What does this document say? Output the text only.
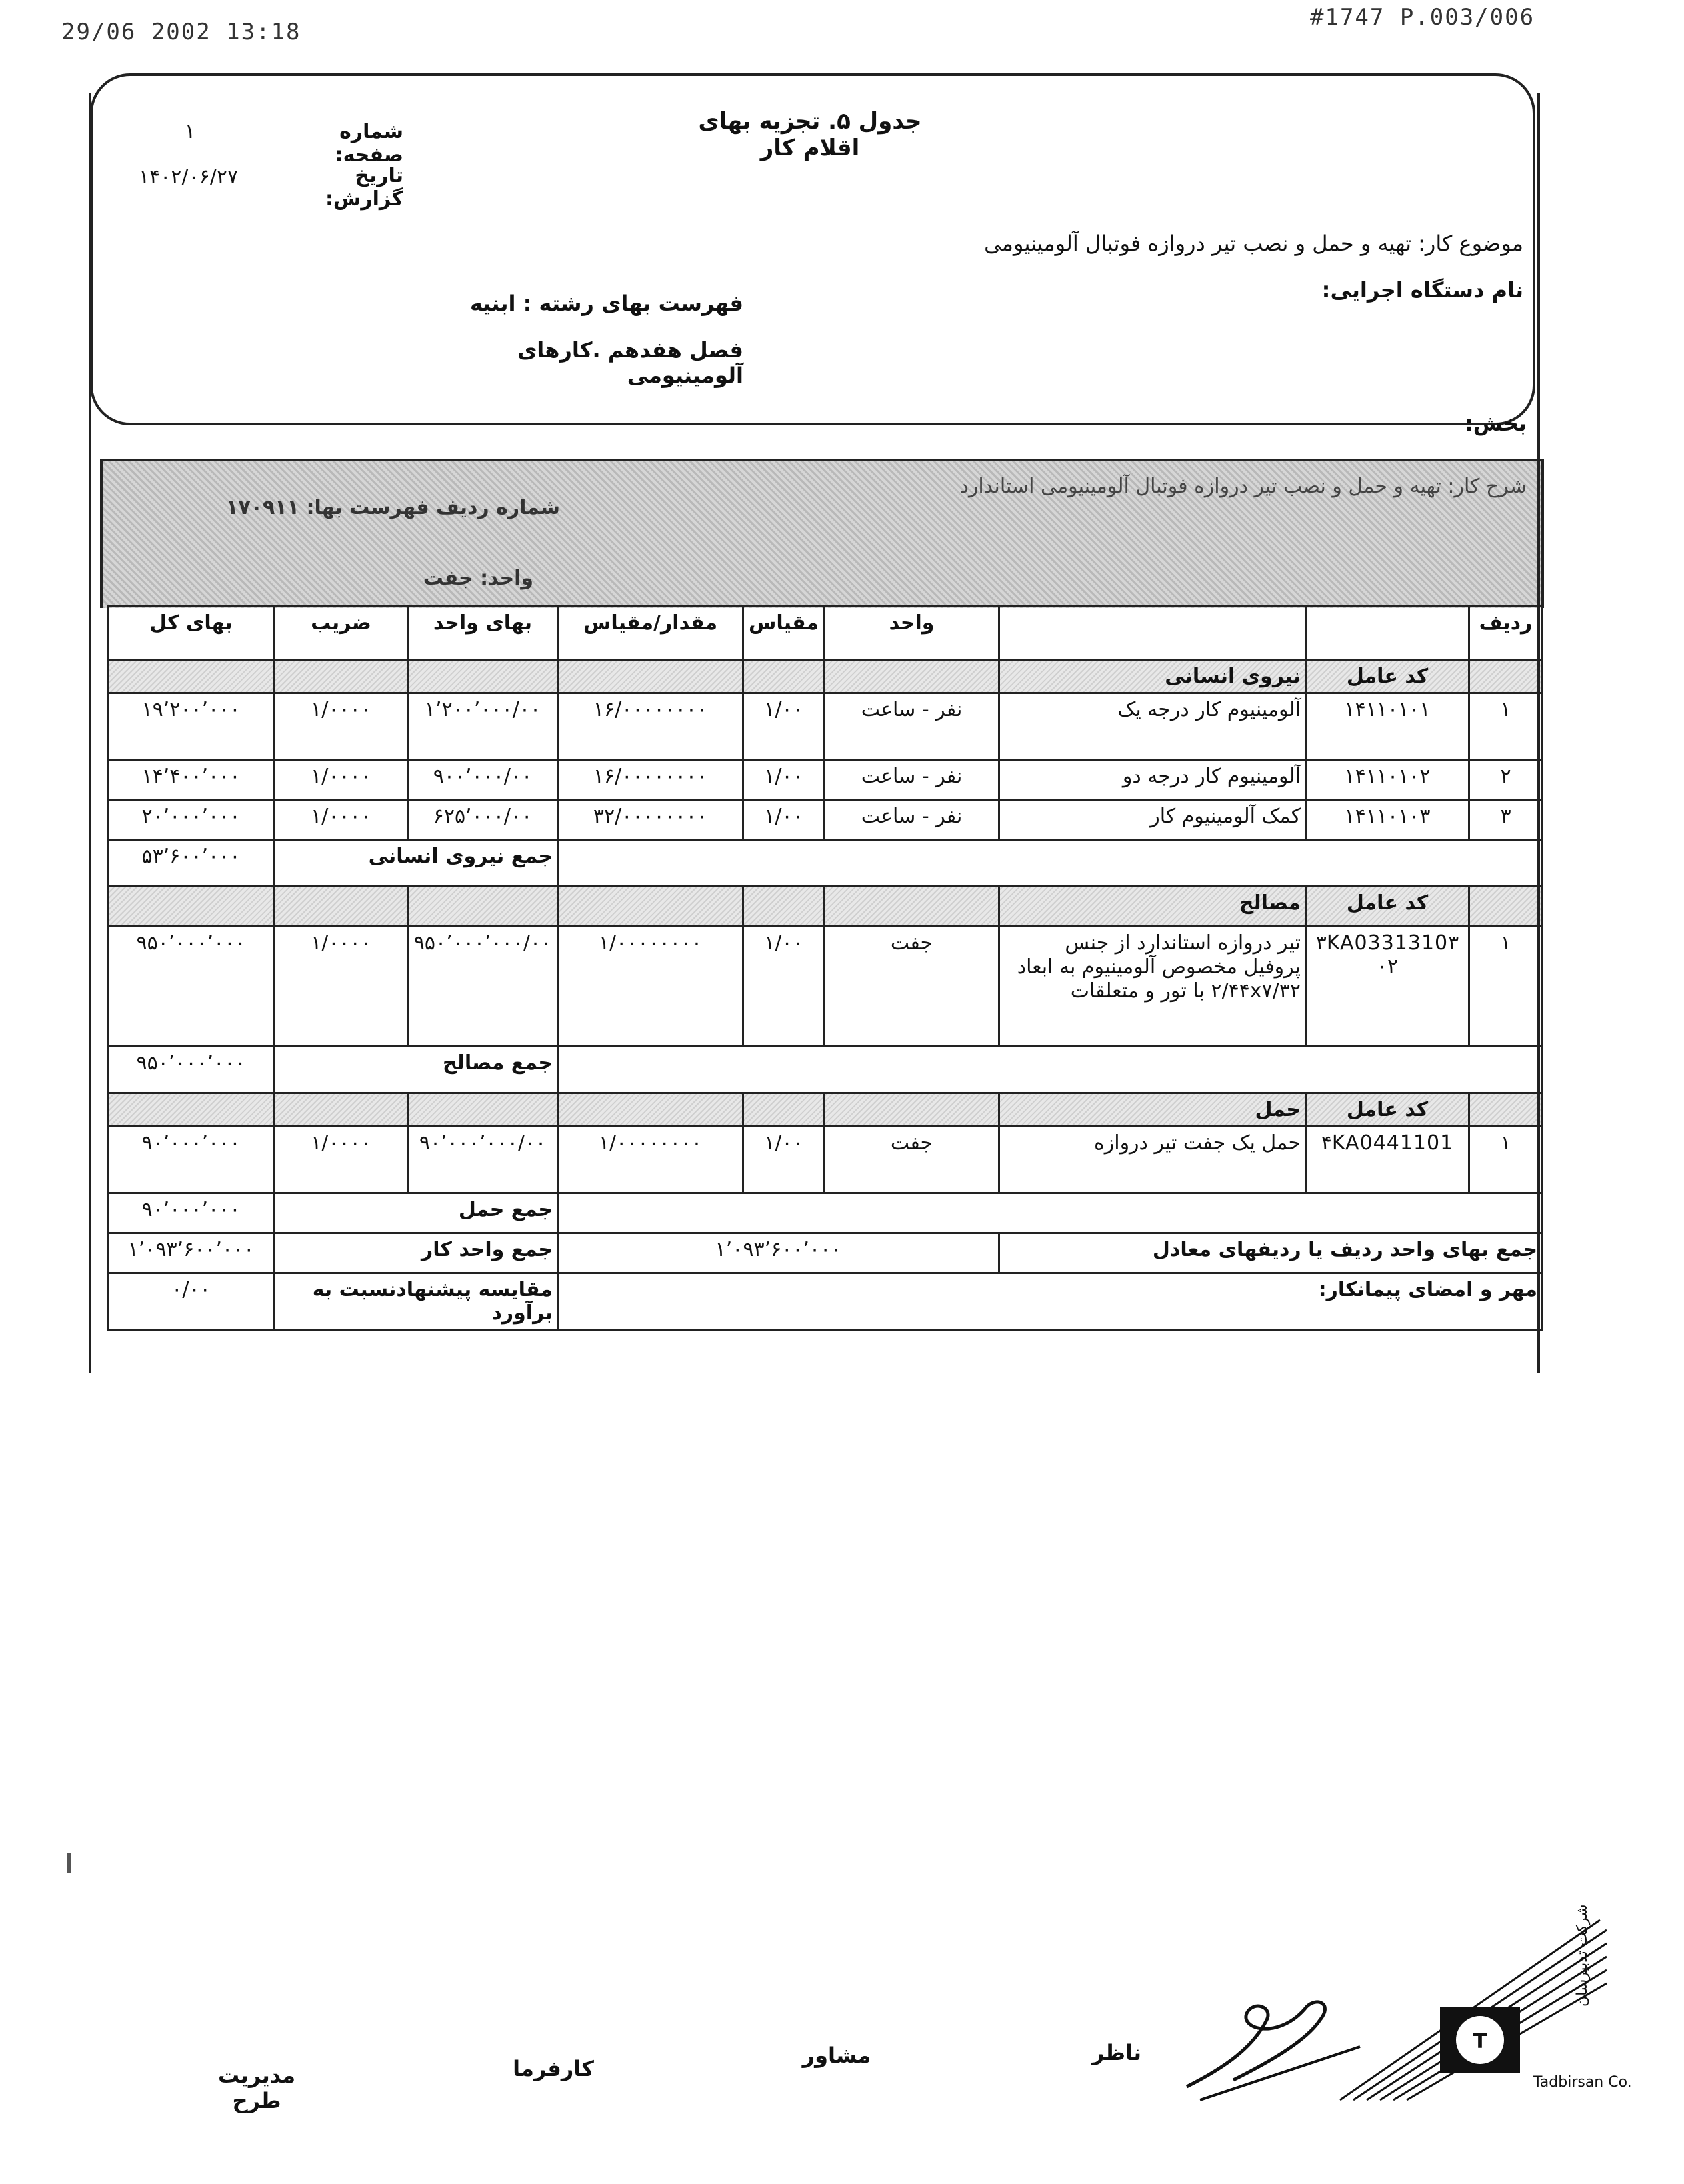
29/06 2002 13:18
#1747 P.003/006
جدول ۵. تجزیه بهای اقلام کار
شماره صفحه:
۱
تاریخ گزارش:
۱۴۰۲/۰۶/۲۷
موضوع کار: تهیه و حمل و نصب تیر دروازه فوتبال آلومینیومی
نام دستگاه اجرایی:
فهرست بهای رشته : ابنیه
فصل هفدهم .کارهای آلومینیومی
بخش:
شرح کار: تهیه و حمل و نصب تیر دروازه فوتبال آلومینیومی استاندارد
شماره ردیف فهرست بها: ۱۷۰۹۱۱
واحد: جفت
ردیف			واحد	مقیاس	مقدار/مقیاس	بهای واحد	ضریب	بهای کل
	کد عامل	نیروی انسانی						
۱	۱۴۱۱۰۱۰۱	آلومینیوم کار درجه یک	نفر - ساعت	۱/۰۰	۱۶/۰۰۰۰۰۰۰۰	۱٬۲۰۰٬۰۰۰/۰۰	۱/۰۰۰۰	۱۹٬۲۰۰٬۰۰۰
۲	۱۴۱۱۰۱۰۲	آلومینیوم کار درجه دو	نفر - ساعت	۱/۰۰	۱۶/۰۰۰۰۰۰۰۰	۹۰۰٬۰۰۰/۰۰	۱/۰۰۰۰	۱۴٬۴۰۰٬۰۰۰
۳	۱۴۱۱۰۱۰۳	کمک آلومینیوم کار	نفر - ساعت	۱/۰۰	۳۲/۰۰۰۰۰۰۰۰	۶۲۵٬۰۰۰/۰۰	۱/۰۰۰۰	۲۰٬۰۰۰٬۰۰۰
						جمع نیروی انسانی		۵۳٬۶۰۰٬۰۰۰
	کد عامل	مصالح						
۱	۳KA0331310۳۰۲	تیر دروازه استاندارد از جنس پروفیل مخصوص آلومینیوم به ابعاد ۲/۴۴x۷/۳۲ با تور و متعلقات	جفت	۱/۰۰	۱/۰۰۰۰۰۰۰۰	۹۵۰٬۰۰۰٬۰۰۰/۰۰	۱/۰۰۰۰	۹۵۰٬۰۰۰٬۰۰۰
						جمع مصالح		۹۵۰٬۰۰۰٬۰۰۰
	کد عامل	حمل						
۱	۴KA0441101	حمل یک جفت تیر دروازه	جفت	۱/۰۰	۱/۰۰۰۰۰۰۰۰	۹۰٬۰۰۰٬۰۰۰/۰۰	۱/۰۰۰۰	۹۰٬۰۰۰٬۰۰۰
						جمع حمل		۹۰٬۰۰۰٬۰۰۰
جمع بهای واحد ردیف یا ردیفهای معادل			۱٬۰۹۳٬۶۰۰٬۰۰۰			جمع واحد کار		۱٬۰۹۳٬۶۰۰٬۰۰۰
مهر و امضای پیمانکار:						مقایسه پیشنهادنسبت به برآورد		۰/۰۰
ناظر
مشاور
کارفرما
مدیریت طرح
T
Tadbirsan Co.
شرکت تدبیرسان
